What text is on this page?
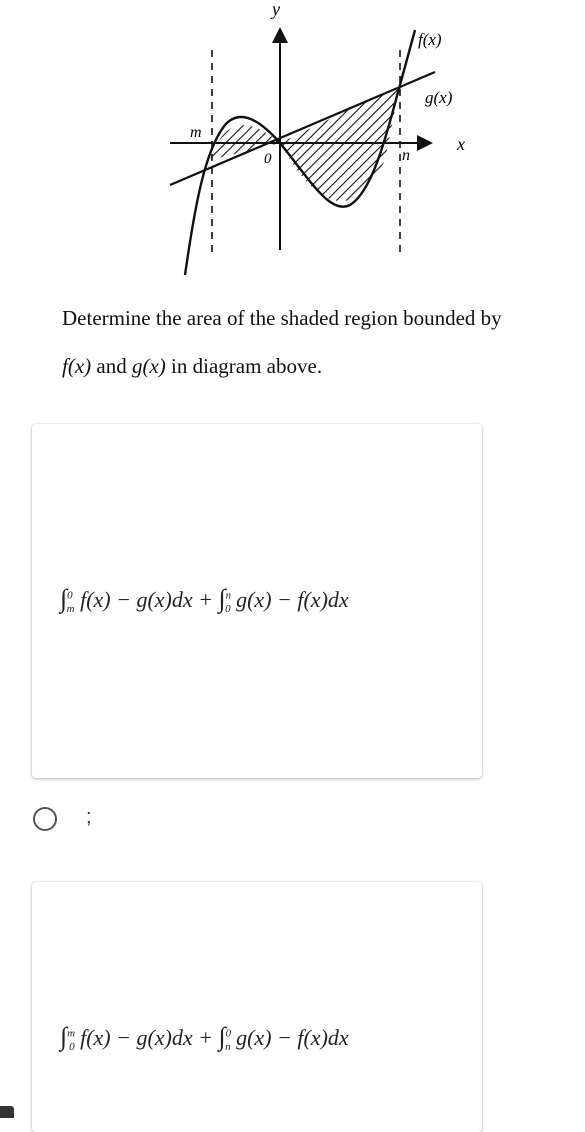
y
x
f(x)
g(x)
m
0	n
Determine the area of the shaded region bounded by
f(x) and g(x) in diagram above.
∫$^0_m$ f(x) − g(x)dx + ∫$^n_0$ g(x) − f(x)dx
;
∫$^m_0$ f(x) − g(x)dx + ∫$^0_n$ g(x) − f(x)dx
